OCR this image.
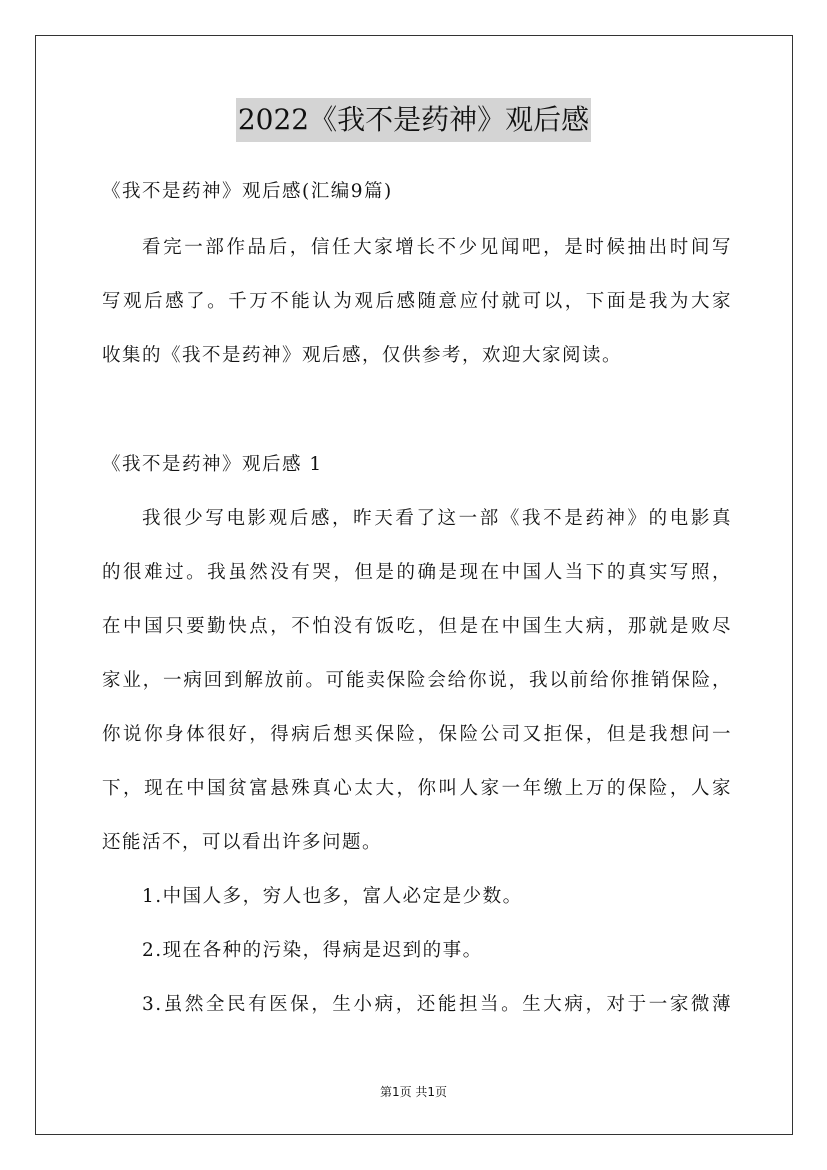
2022《我不是药神》观后感
《我不是药神》观后感(汇编9篇)
看完一部作品后，信任大家增长不少见闻吧，是时候抽出时间写
写观后感了。千万不能认为观后感随意应付就可以，下面是我为大家
收集的《我不是药神》观后感，仅供参考，欢迎大家阅读。
《我不是药神》观后感 1
我很少写电影观后感，昨天看了这一部《我不是药神》的电影真
的很难过。我虽然没有哭，但是的确是现在中国人当下的真实写照，
在中国只要勤快点，不怕没有饭吃，但是在中国生大病，那就是败尽
家业，一病回到解放前。可能卖保险会给你说，我以前给你推销保险，
你说你身体很好，得病后想买保险，保险公司又拒保，但是我想问一
下，现在中国贫富悬殊真心太大，你叫人家一年缴上万的保险，人家
还能活不，可以看出许多问题。
1.中国人多，穷人也多，富人必定是少数。
2.现在各种的污染，得病是迟到的事。
3.虽然全民有医保，生小病，还能担当。生大病，对于一家微薄
第1页 共1页
